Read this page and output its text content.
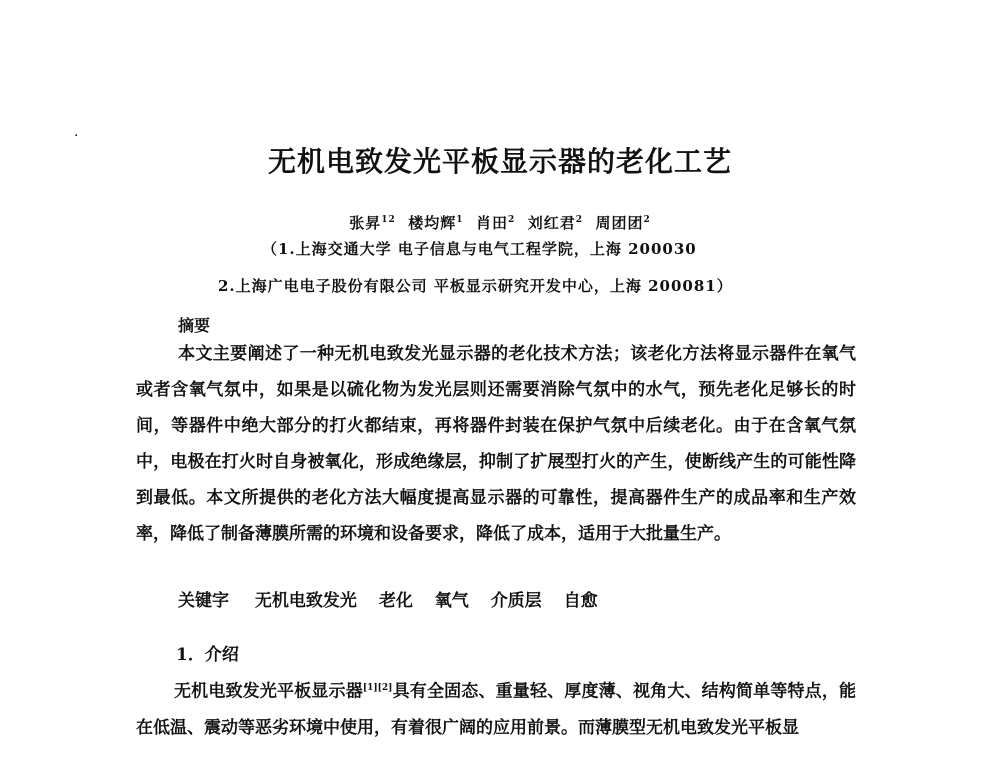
·
无机电致发光平板显示器的老化工艺
张昇$^{12}$ 楼均辉$^1$ 肖田$^2$ 刘红君$^2$ 周团团$^2$
（1.上海交通大学 电子信息与电气工程学院，上海 200030
2.上海广电电子股份有限公司 平板显示研究开发中心，上海 200081）
摘要

本文主要阐述了一种无机电致发光显示器的老化技术方法；该老化方法将显示器件在氧气或者含氧气氛中，如果是以硫化物为发光层则还需要消除气氛中的水气，预先老化足够长的时间，等器件中绝大部分的打火都结束，再将器件封装在保护气氛中后续老化。由于在含氧气氛中，电极在打火时自身被氧化，形成绝缘层，抑制了扩展型打火的产生，使断线产生的可能性降到最低。本文所提供的老化方法大幅度提高显示器的可靠性，提高器件生产的成品率和生产效率，降低了制备薄膜所需的环境和设备要求，降低了成本，适用于大批量生产。

关键字 无机电致发光 老化 氧气 介质层 自愈
1．介绍

无机电致发光平板显示器[1][2]具有全固态、重量轻、厚度薄、视角大、结构简单等特点，能在低温、震动等恶劣环境中使用，有着很广阔的应用前景。而薄膜型无机电致发光平板显
